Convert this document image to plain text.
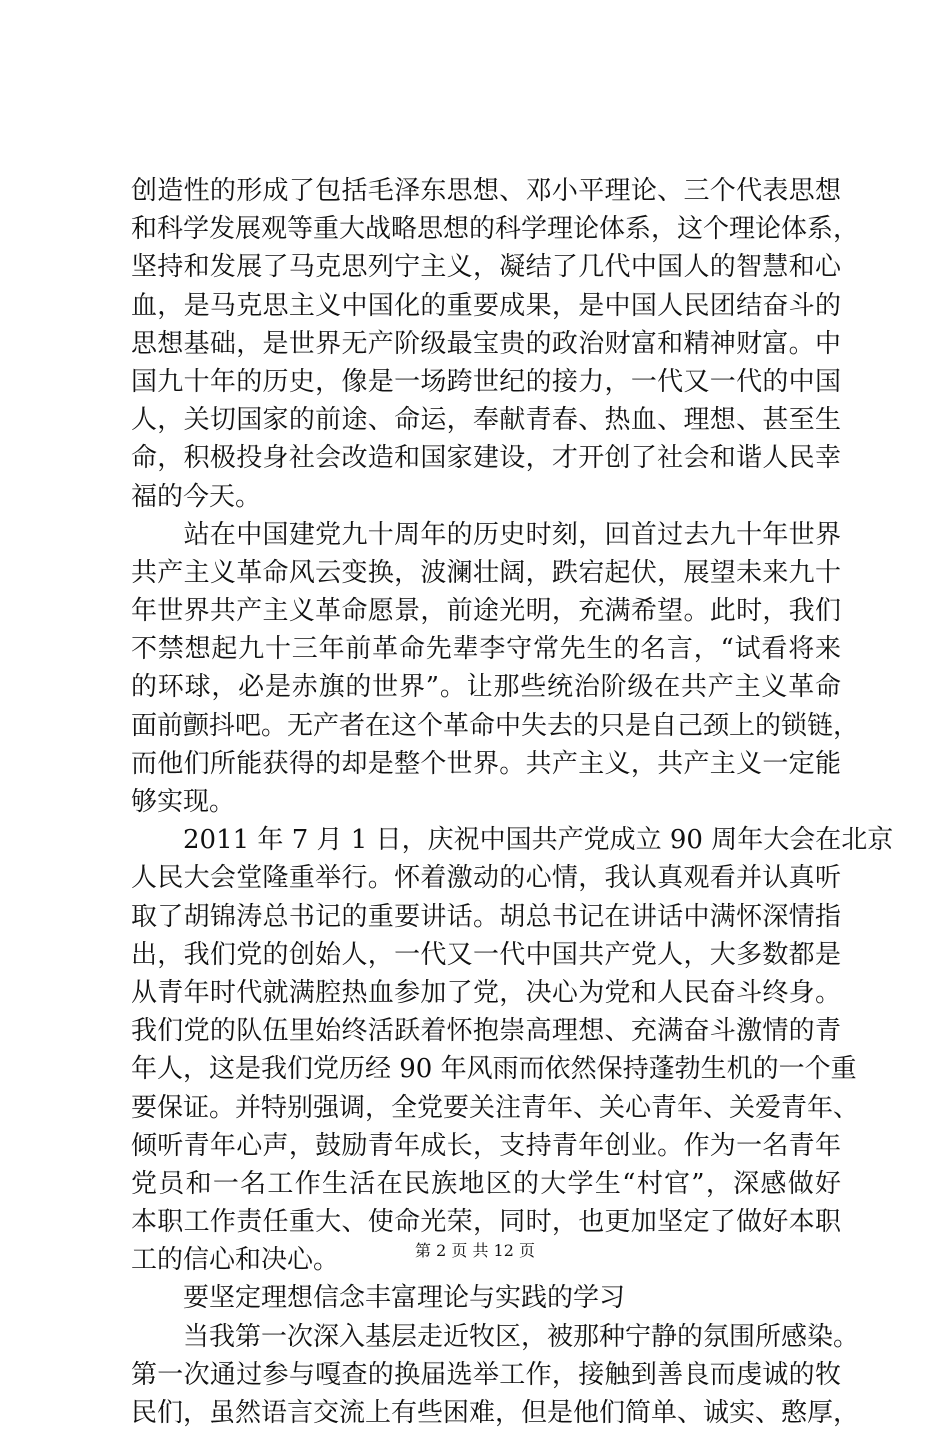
创造性的形成了包括毛泽东思想、邓小平理论、三个代表思想
和科学发展观等重大战略思想的科学理论体系，这个理论体系，
坚持和发展了马克思列宁主义，凝结了几代中国人的智慧和心
血，是马克思主义中国化的重要成果，是中国人民团结奋斗的
思想基础，是世界无产阶级最宝贵的政治财富和精神财富。中
国九十年的历史，像是一场跨世纪的接力，一代又一代的中国
人，关切国家的前途、命运，奉献青春、热血、理想、甚至生
命，积极投身社会改造和国家建设，才开创了社会和谐人民幸
福的今天。
　　站在中国建党九十周年的历史时刻，回首过去九十年世界
共产主义革命风云变换，波澜壮阔，跌宕起伏，展望未来九十
年世界共产主义革命愿景，前途光明，充满希望。此时，我们
不禁想起九十三年前革命先辈李守常先生的名言，“试看将来
的环球，必是赤旗的世界”。让那些统治阶级在共产主义革命
面前颤抖吧。无产者在这个革命中失去的只是自己颈上的锁链，
而他们所能获得的却是整个世界。共产主义，共产主义一定能
够实现。
　　2011 年 7 月 1 日，庆祝中国共产党成立 90 周年大会在北京
人民大会堂隆重举行。怀着激动的心情，我认真观看并认真听
取了胡锦涛总书记的重要讲话。胡总书记在讲话中满怀深情指
出，我们党的创始人，一代又一代中国共产党人，大多数都是
从青年时代就满腔热血参加了党，决心为党和人民奋斗终身。
我们党的队伍里始终活跃着怀抱崇高理想、充满奋斗激情的青
年人，这是我们党历经 90 年风雨而依然保持蓬勃生机的一个重
要保证。并特别强调，全党要关注青年、关心青年、关爱青年、
倾听青年心声，鼓励青年成长，支持青年创业。作为一名青年
党员和一名工作生活在民族地区的大学生“村官”，深感做好
本职工作责任重大、使命光荣，同时，也更加坚定了做好本职
工的信心和决心。
　　要坚定理想信念丰富理论与实践的学习
　　当我第一次深入基层走近牧区，被那种宁静的氛围所感染。
第一次通过参与嘎查的换届选举工作，接触到善良而虔诚的牧
民们，虽然语言交流上有些困难，但是他们简单、诚实、憨厚，
第 2 页 共 12 页
